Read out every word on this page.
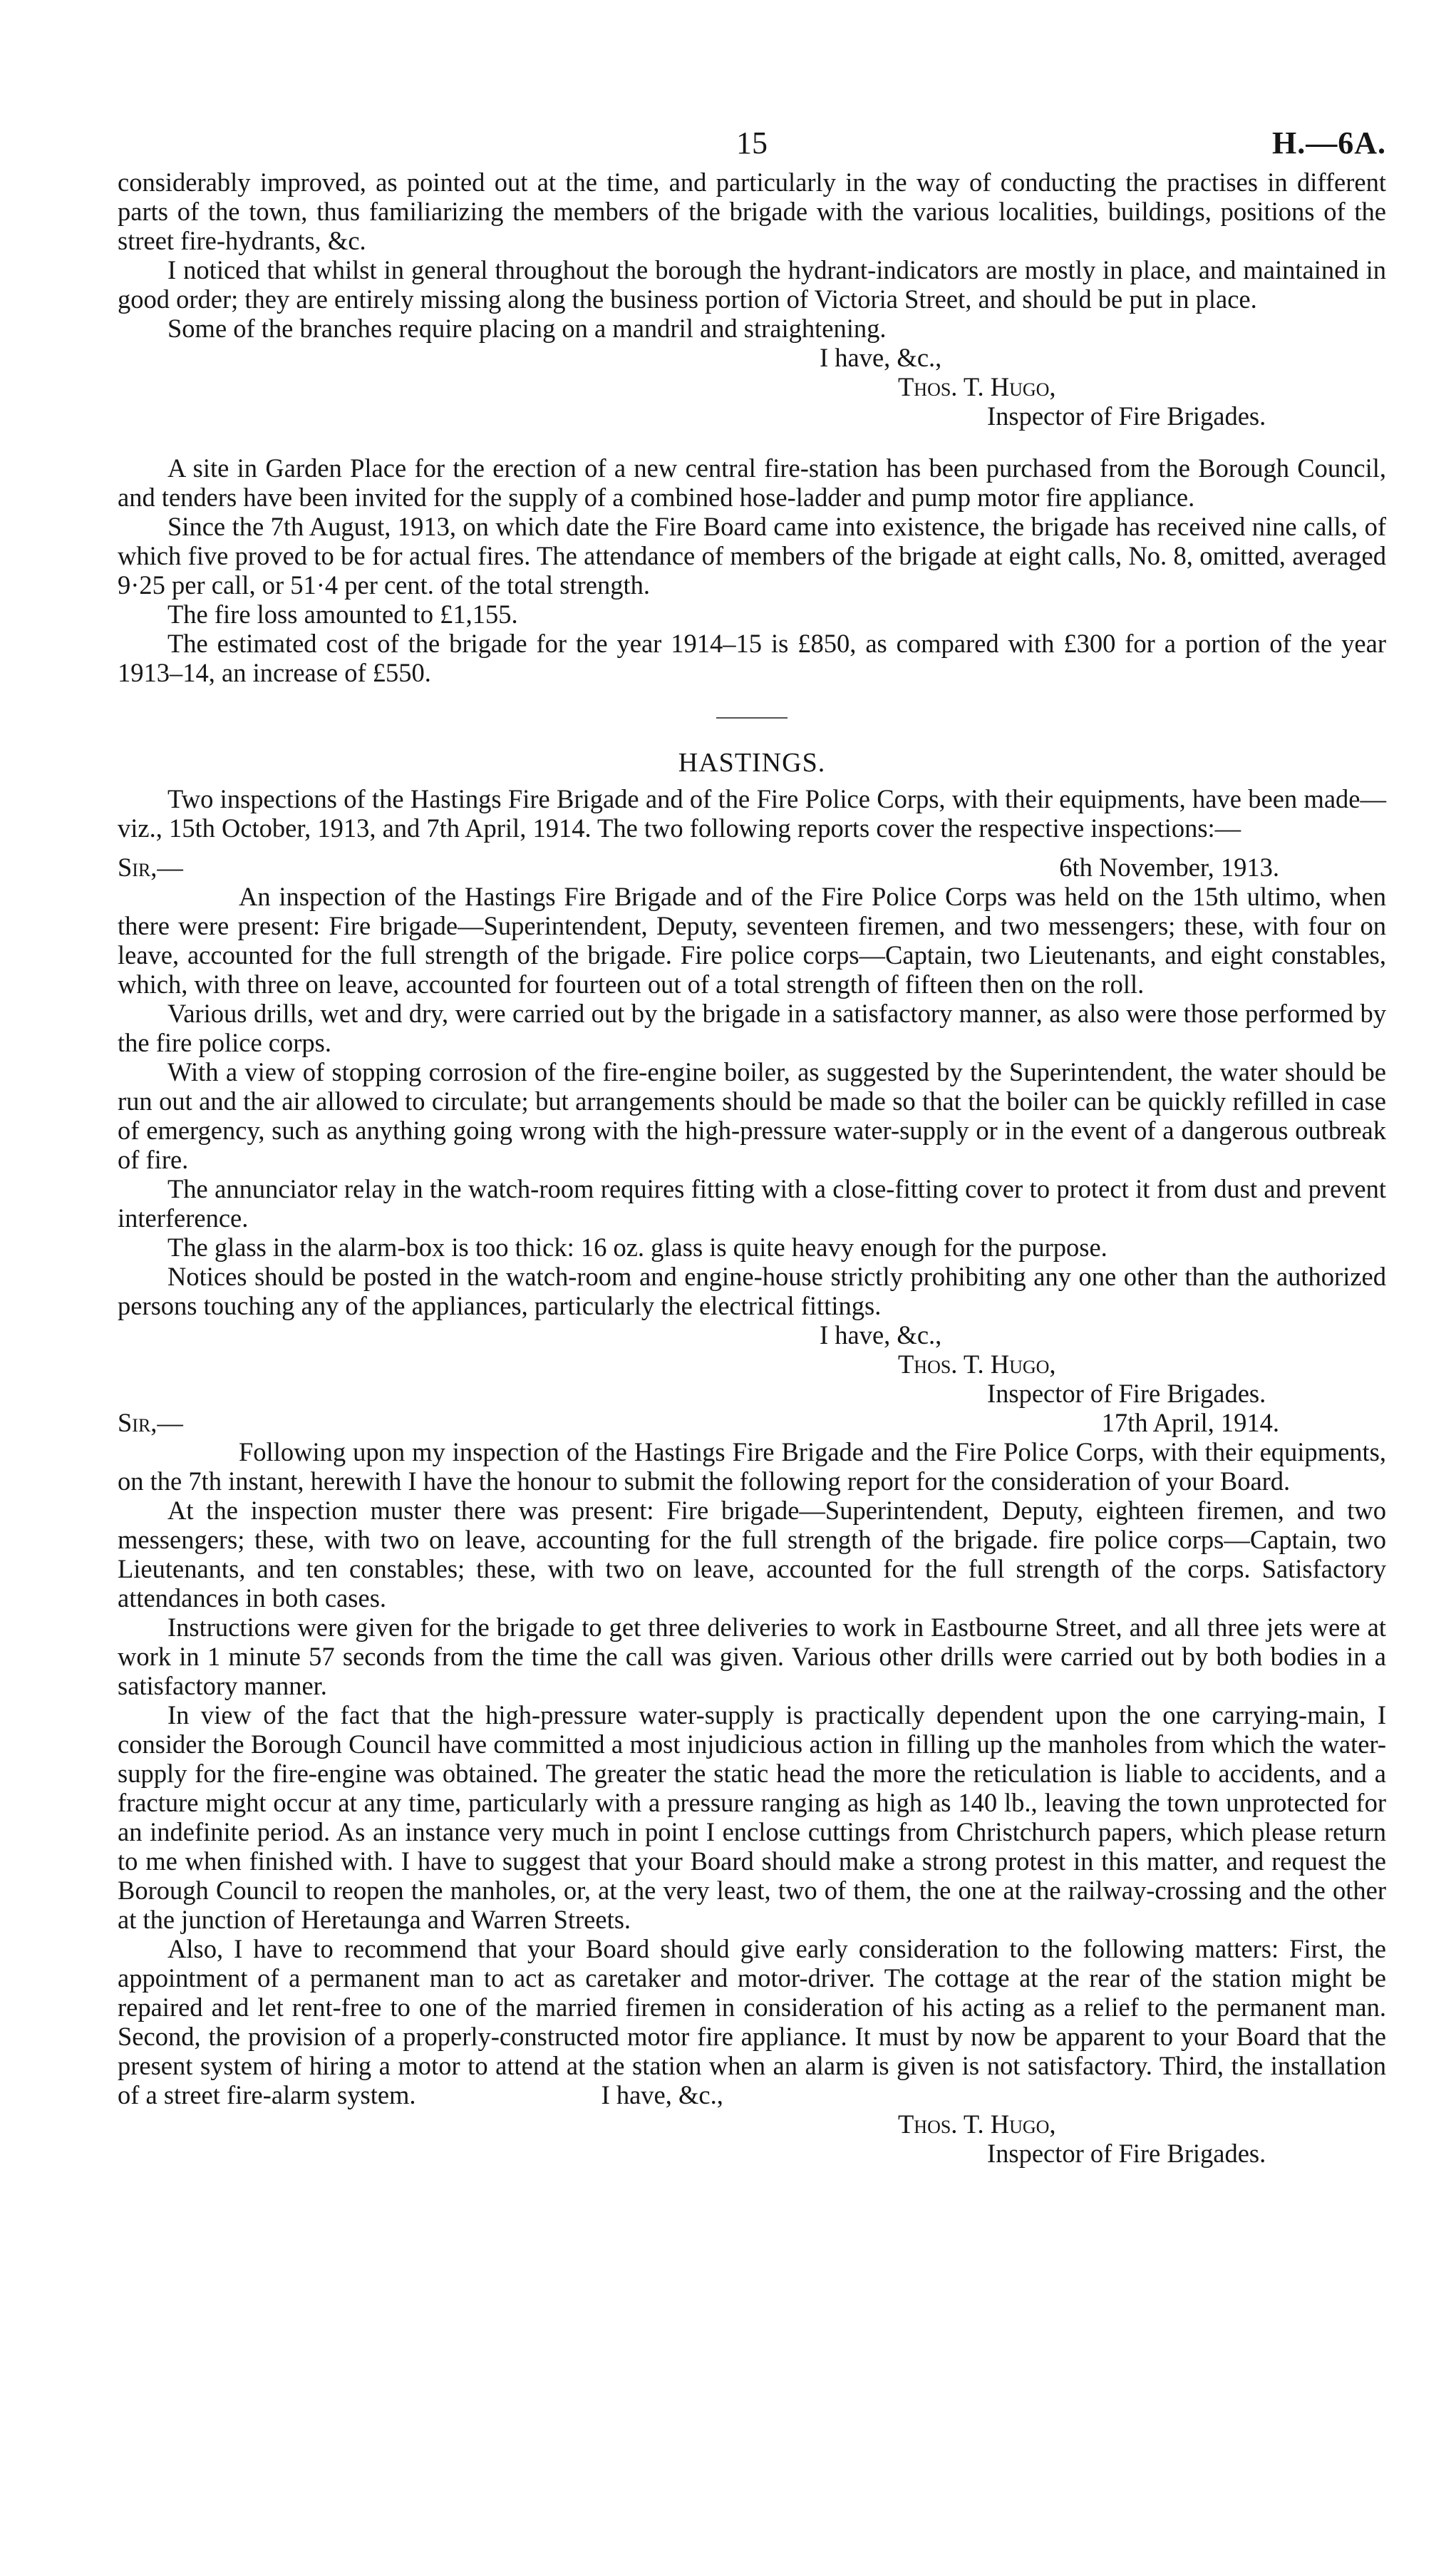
15	H.—6A.

considerably improved, as pointed out at the time, and particularly in the way of conducting the practises in different parts of the town, thus familiarizing the members of the brigade with the various localities, buildings, positions of the street fire-hydrants, &c.

I noticed that whilst in general throughout the borough the hydrant-indicators are mostly in place, and maintained in good order; they are entirely missing along the business portion of Victoria Street, and should be put in place.

Some of the branches require placing on a mandril and straightening.

I have, &c.,

Thos. T. Hugo,

Inspector of Fire Brigades.

A site in Garden Place for the erection of a new central fire-station has been purchased from the Borough Council, and tenders have been invited for the supply of a combined hose-ladder and pump motor fire appliance.

Since the 7th August, 1913, on which date the Fire Board came into existence, the brigade has received nine calls, of which five proved to be for actual fires. The attendance of members of the brigade at eight calls, No. 8, omitted, averaged 9·25 per call, or 51·4 per cent. of the total strength.

The fire loss amounted to £1,155.

The estimated cost of the brigade for the year 1914–15 is £850, as compared with £300 for a portion of the year 1913–14, an increase of £550.

HASTINGS.

Two inspections of the Hastings Fire Brigade and of the Fire Police Corps, with their equipments, have been made—viz., 15th October, 1913, and 7th April, 1914. The two following reports cover the respective inspections:—

Sir,—	6th November, 1913.

An inspection of the Hastings Fire Brigade and of the Fire Police Corps was held on the 15th ultimo, when there were present: Fire brigade—Superintendent, Deputy, seventeen firemen, and two messengers; these, with four on leave, accounted for the full strength of the brigade. Fire police corps—Captain, two Lieutenants, and eight constables, which, with three on leave, accounted for fourteen out of a total strength of fifteen then on the roll.

Various drills, wet and dry, were carried out by the brigade in a satisfactory manner, as also were those performed by the fire police corps.

With a view of stopping corrosion of the fire-engine boiler, as suggested by the Superintendent, the water should be run out and the air allowed to circulate; but arrangements should be made so that the boiler can be quickly refilled in case of emergency, such as anything going wrong with the high-pressure water-supply or in the event of a dangerous outbreak of fire.

The annunciator relay in the watch-room requires fitting with a close-fitting cover to protect it from dust and prevent interference.

The glass in the alarm-box is too thick: 16 oz. glass is quite heavy enough for the purpose.

Notices should be posted in the watch-room and engine-house strictly prohibiting any one other than the authorized persons touching any of the appliances, particularly the electrical fittings.

I have, &c.,

Thos. T. Hugo,

Inspector of Fire Brigades.

Sir,—	17th April, 1914.

Following upon my inspection of the Hastings Fire Brigade and the Fire Police Corps, with their equipments, on the 7th instant, herewith I have the honour to submit the following report for the consideration of your Board.

At the inspection muster there was present: Fire brigade—Superintendent, Deputy, eighteen firemen, and two messengers; these, with two on leave, accounting for the full strength of the brigade. fire police corps—Captain, two Lieutenants, and ten constables; these, with two on leave, accounted for the full strength of the corps. Satisfactory attendances in both cases.

Instructions were given for the brigade to get three deliveries to work in Eastbourne Street, and all three jets were at work in 1 minute 57 seconds from the time the call was given. Various other drills were carried out by both bodies in a satisfactory manner.

In view of the fact that the high-pressure water-supply is practically dependent upon the one carrying-main, I consider the Borough Council have committed a most injudicious action in filling up the manholes from which the water-supply for the fire-engine was obtained. The greater the static head the more the reticulation is liable to accidents, and a fracture might occur at any time, particularly with a pressure ranging as high as 140 lb., leaving the town unprotected for an indefinite period. As an instance very much in point I enclose cuttings from Christchurch papers, which please return to me when finished with. I have to suggest that your Board should make a strong protest in this matter, and request the Borough Council to reopen the manholes, or, at the very least, two of them, the one at the railway-crossing and the other at the junction of Heretaunga and Warren Streets.

Also, I have to recommend that your Board should give early consideration to the following matters: First, the appointment of a permanent man to act as caretaker and motor-driver. The cottage at the rear of the station might be repaired and let rent-free to one of the married firemen in consideration of his acting as a relief to the permanent man. Second, the provision of a properly-constructed motor fire appliance. It must by now be apparent to your Board that the present system of hiring a motor to attend at the station when an alarm is given is not satisfactory. Third, the installation of a street fire-alarm system.	I have, &c.,

Thos. T. Hugo,

Inspector of Fire Brigades.
